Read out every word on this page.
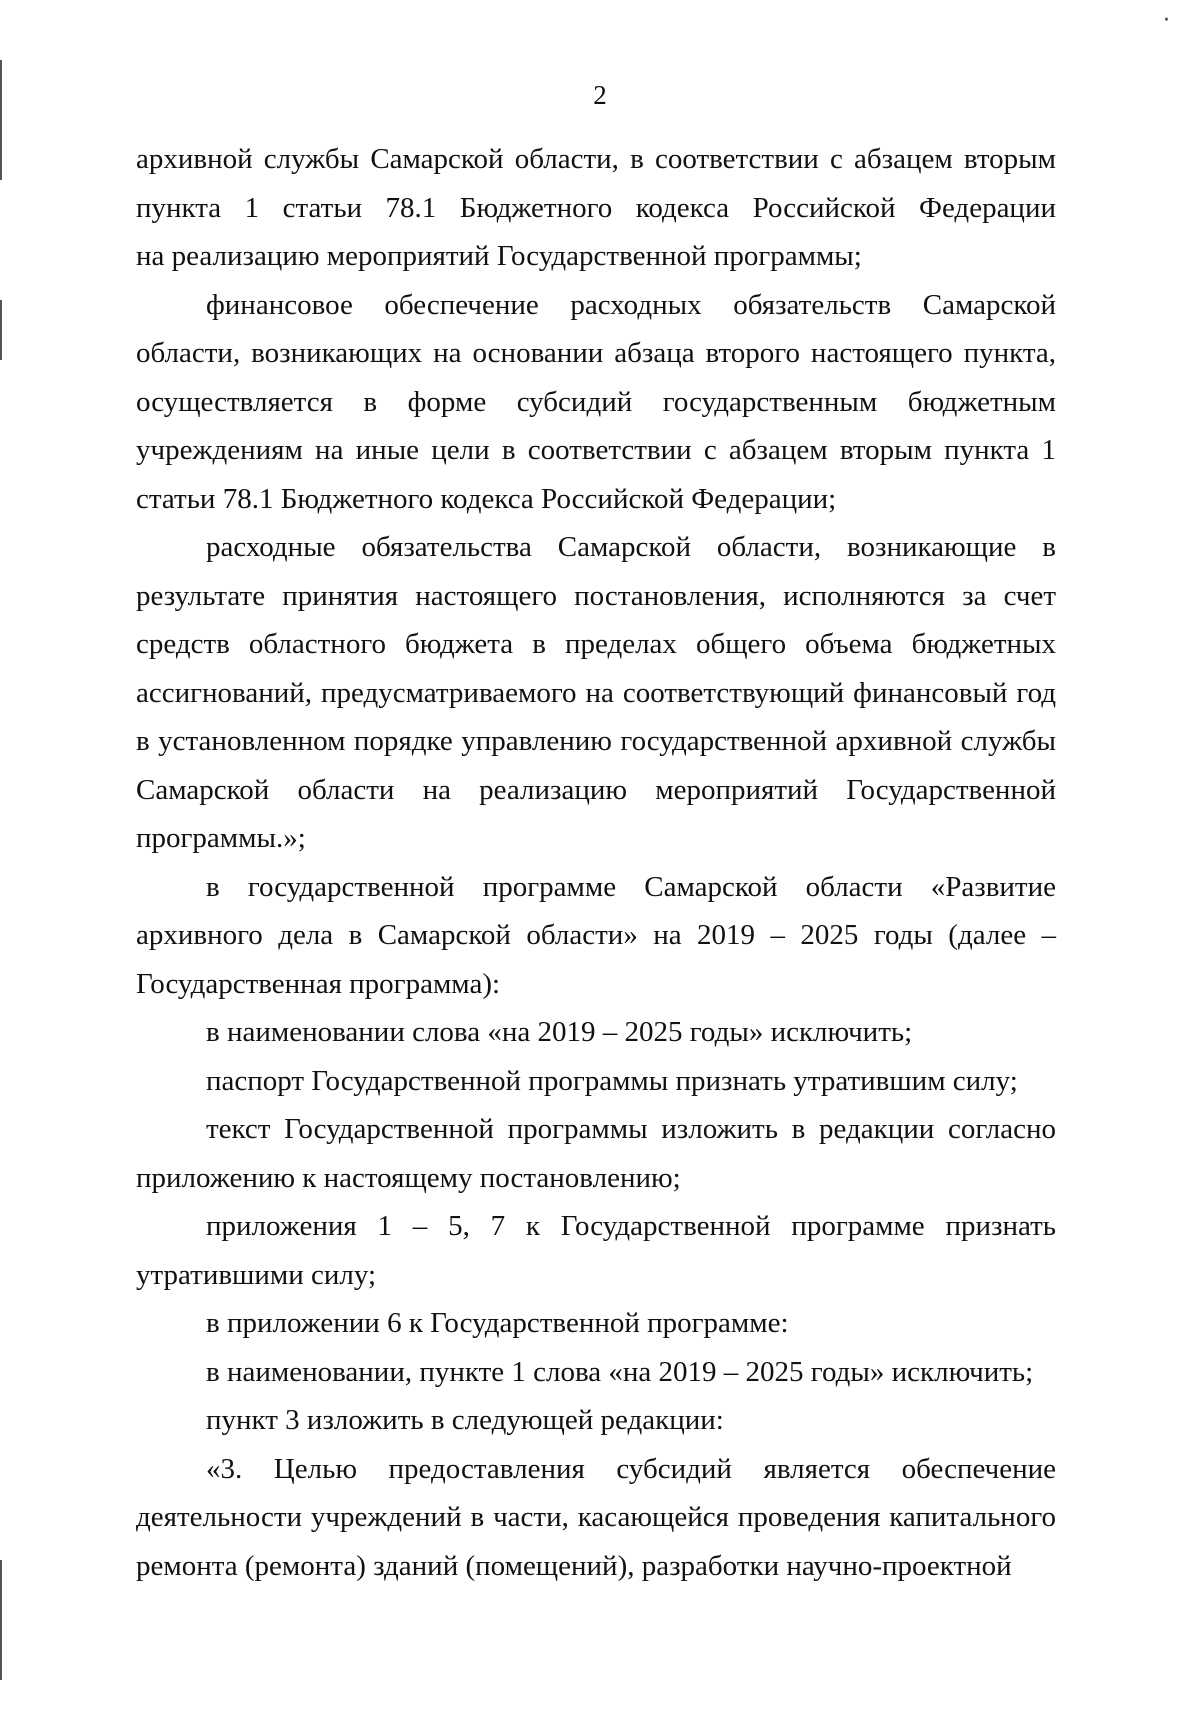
·
2
архивной службы Самарской области, в соответствии с абзацем вторым
пункта 1 статьи 78.1 Бюджетного кодекса Российской Федерации
на реализацию мероприятий Государственной программы;
финансовое обеспечение расходных обязательств Самарской
области, возникающих на основании абзаца второго настоящего пункта,
осуществляется в форме субсидий государственным бюджетным
учреждениям на иные цели в соответствии с абзацем вторым пункта 1
статьи 78.1 Бюджетного кодекса Российской Федерации;
расходные обязательства Самарской области, возникающие в
результате принятия настоящего постановления, исполняются за счет
средств областного бюджета в пределах общего объема бюджетных
ассигнований, предусматриваемого на соответствующий финансовый год
в установленном порядке управлению государственной архивной службы
Самарской области на реализацию мероприятий Государственной
программы.»;
в государственной программе Самарской области «Развитие
архивного дела в Самарской области» на 2019 – 2025 годы (далее –
Государственная программа):
в наименовании слова «на 2019 – 2025 годы» исключить;
паспорт Государственной программы признать утратившим силу;
текст Государственной программы изложить в редакции согласно
приложению к настоящему постановлению;
приложения 1 – 5, 7 к Государственной программе признать
утратившими силу;
в приложении 6 к Государственной программе:
в наименовании, пункте 1 слова «на 2019 – 2025 годы» исключить;
пункт 3 изложить в следующей редакции:
«3. Целью предоставления субсидий является обеспечение
деятельности учреждений в части, касающейся проведения капитального
ремонта (ремонта) зданий (помещений), разработки научно-проектной
